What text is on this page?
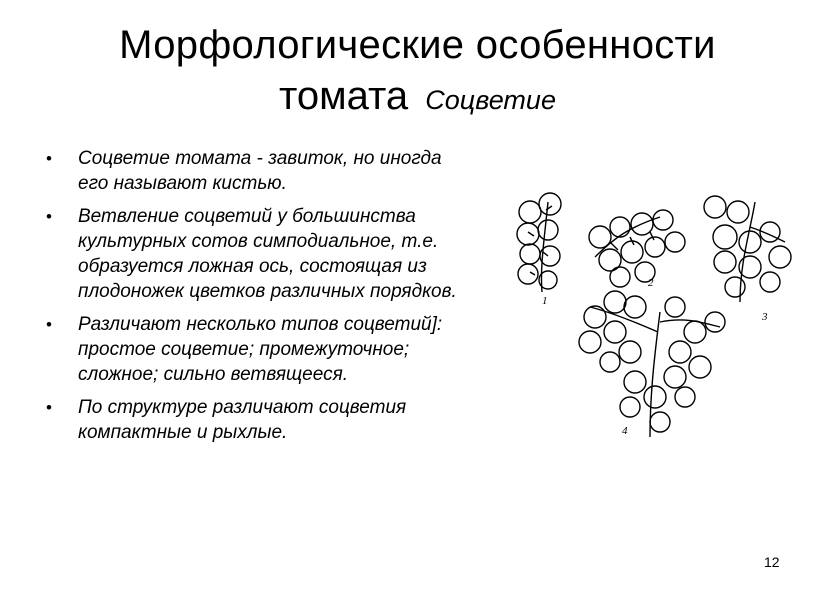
Морфологические особенности
томата Соцветие
• Соцветие томата - завиток, но иногда его называют кистью.
• Ветвление соцветий у большинства культурных сотов симподиальное, т.е. образуется ложная ось, состоящая из плодоножек цветков различных порядков.
• Различают несколько типов соцветий]: простое соцветие; промежуточное; сложное; сильно ветвящееся.
• По структуре различают соцветия компактные и рыхлые.
1
2
3
4
12
